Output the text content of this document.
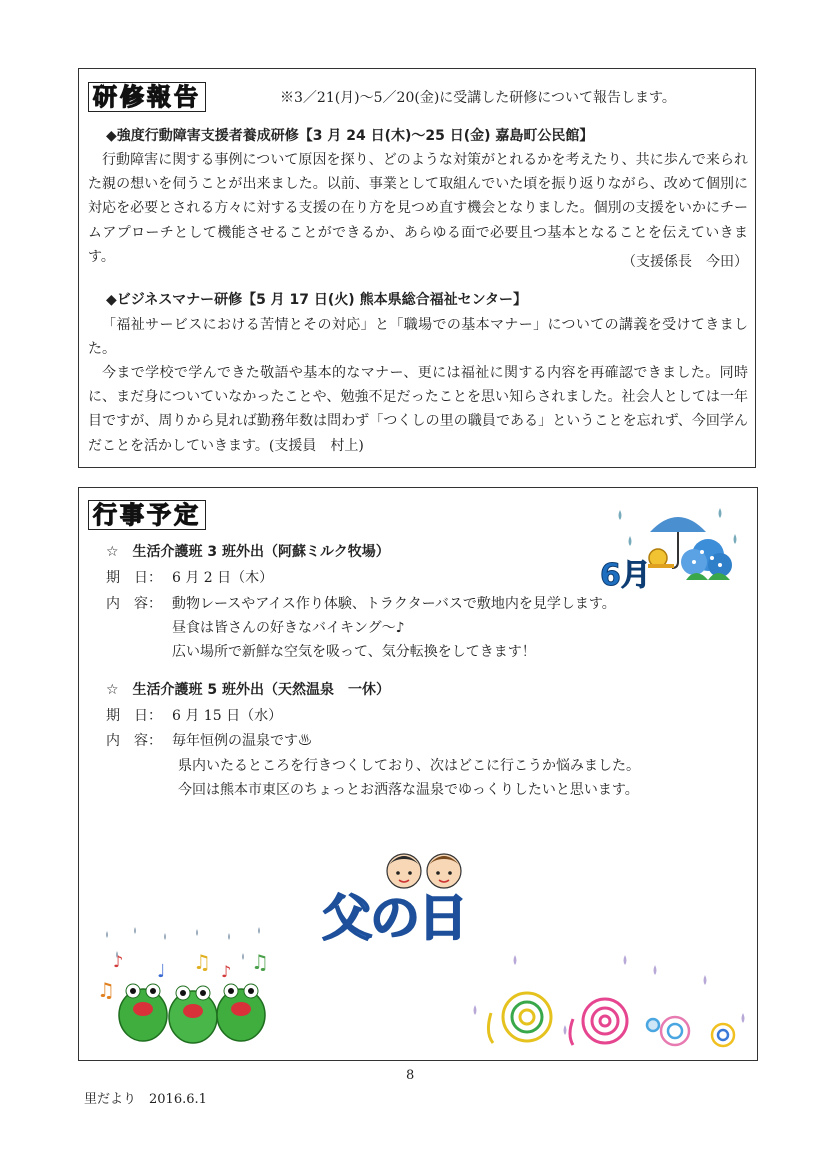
研修報告	※3／21(月)～5／20(金)に受講した研修について報告します。
◆強度行動障害支援者養成研修【3 月 24 日(木)～25 日(金) 嘉島町公民館】
行動障害に関する事例について原因を探り、どのような対策がとれるかを考えたり、共に歩んで来られた親の想いを伺うことが出来ました。以前、事業として取組んでいた頃を振り返りながら、改めて個別に対応を必要とされる方々に対する支援の在り方を見つめ直す機会となりました。個別の支援をいかにチームアプローチとして機能させることができるか、あらゆる面で必要且つ基本となることを伝えていきます。	（支援係長　今田）
◆ビジネスマナー研修【5 月 17 日(火) 熊本県総合福祉センター】
「福祉サービスにおける苦情とその対応」と「職場での基本マナー」についての講義を受けてきました。
今まで学校で学んできた敬語や基本的なマナー、更には福祉に関する内容を再確認できました。同時に、まだ身についていなかったことや、勉強不足だったことを思い知らされました。社会人としては一年目ですが、周りから見れば勤務年数は問わず「つくしの里の職員である」ということを忘れず、今回学んだことを活かしていきます。(支援員　村上)
行事予定
☆　生活介護班 3 班外出（阿蘇ミルク牧場）
期　日： 6 月 2 日（木）
内　容： 動物レースやアイス作り体験、トラクターバスで敷地内を見学します。
昼食は皆さんの好きなバイキング～♪
広い場所で新鮮な空気を吸って、気分転換をしてきます！
☆　生活介護班 5 班外出（天然温泉　一休）
期　日： 6 月 15 日（水）
内　容： 毎年恒例の温泉です♨
県内いたるところを行きつくしており、次はどこに行こうか悩みました。
今回は熊本市東区のちょっとお洒落な温泉でゆっくりしたいと思います。
6月
父の日
♫
♪ ♩ ♫ ♪ ♫
8
里だより　2016.6.1
